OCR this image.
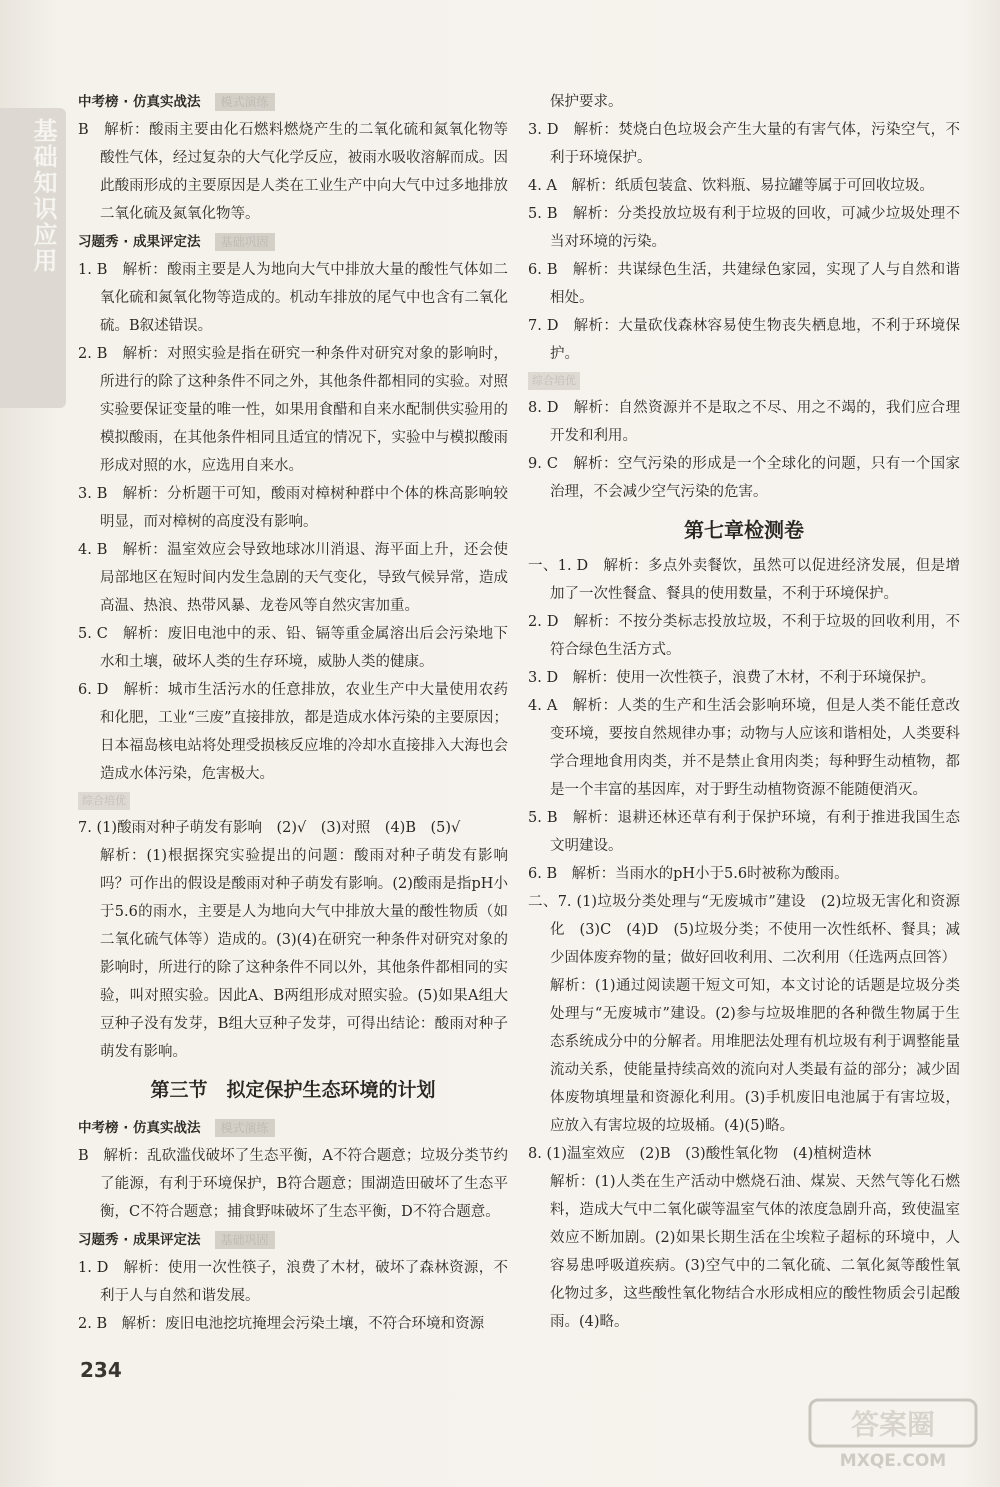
基础知识应用
中考榜 · 仿真实战法 模式演练

B　解析：酸雨主要由化石燃料燃烧产生的二氧化硫和氮氧化物等酸性气体，经过复杂的大气化学反应，被雨水吸收溶解而成。因此酸雨形成的主要原因是人类在工业生产中向大气中过多地排放二氧化硫及氮氧化物等。

习题秀 · 成果评定法 基础巩固

1. B　解析：酸雨主要是人为地向大气中排放大量的酸性气体如二氧化硫和氮氧化物等造成的。机动车排放的尾气中也含有二氧化硫。B叙述错误。

2. B　解析：对照实验是指在研究一种条件对研究对象的影响时，所进行的除了这种条件不同之外，其他条件都相同的实验。对照实验要保证变量的唯一性，如果用食醋和自来水配制供实验用的模拟酸雨，在其他条件相同且适宜的情况下，实验中与模拟酸雨形成对照的水，应选用自来水。

3. B　解析：分析题干可知，酸雨对樟树种群中个体的株高影响较明显，而对樟树的高度没有影响。

4. B　解析：温室效应会导致地球冰川消退、海平面上升，还会使局部地区在短时间内发生急剧的天气变化，导致气候异常，造成高温、热浪、热带风暴、龙卷风等自然灾害加重。

5. C　解析：废旧电池中的汞、铅、镉等重金属溶出后会污染地下水和土壤，破坏人类的生存环境，威胁人类的健康。

6. D　解析：城市生活污水的任意排放，农业生产中大量使用农药和化肥，工业“三废”直接排放，都是造成水体污染的主要原因；日本福岛核电站将处理受损核反应堆的冷却水直接排入大海也会造成水体污染，危害极大。

综合培优

7. (1)酸雨对种子萌发有影响　(2)√　(3)对照　(4)B　(5)√

解析：(1)根据探究实验提出的问题：酸雨对种子萌发有影响吗？可作出的假设是酸雨对种子萌发有影响。(2)酸雨是指pH小于5.6的雨水，主要是人为地向大气中排放大量的酸性物质（如二氧化硫气体等）造成的。(3)(4)在研究一种条件对研究对象的影响时，所进行的除了这种条件不同以外，其他条件都相同的实验，叫对照实验。因此A、B两组形成对照实验。(5)如果A组大豆种子没有发芽，B组大豆种子发芽，可得出结论：酸雨对种子萌发有影响。

第三节　拟定保护生态环境的计划
中考榜 · 仿真实战法 模式演练

B　解析：乱砍滥伐破坏了生态平衡，A不符合题意；垃圾分类节约了能源，有利于环境保护，B符合题意；围湖造田破坏了生态平衡，C不符合题意；捕食野味破坏了生态平衡，D不符合题意。

习题秀 · 成果评定法 基础巩固

1. D　解析：使用一次性筷子，浪费了木材，破坏了森林资源，不利于人与自然和谐发展。

2. B　解析：废旧电池挖坑掩埋会污染土壤，不符合环境和资源

保护要求。

3. D　解析：焚烧白色垃圾会产生大量的有害气体，污染空气，不利于环境保护。

4. A　解析：纸质包装盒、饮料瓶、易拉罐等属于可回收垃圾。

5. B　解析：分类投放垃圾有利于垃圾的回收，可减少垃圾处理不当对环境的污染。

6. B　解析：共谋绿色生活，共建绿色家园，实现了人与自然和谐相处。

7. D　解析：大量砍伐森林容易使生物丧失栖息地，不利于环境保护。

综合培优

8. D　解析：自然资源并不是取之不尽、用之不竭的，我们应合理开发和利用。

9. C　解析：空气污染的形成是一个全球化的问题，只有一个国家治理，不会减少空气污染的危害。

第七章检测卷

一、1. D　解析：多点外卖餐饮，虽然可以促进经济发展，但是增加了一次性餐盒、餐具的使用数量，不利于环境保护。

2. D　解析：不按分类标志投放垃圾，不利于垃圾的回收利用，不符合绿色生活方式。

3. D　解析：使用一次性筷子，浪费了木材，不利于环境保护。

4. A　解析：人类的生产和生活会影响环境，但是人类不能任意改变环境，要按自然规律办事；动物与人应该和谐相处，人类要科学合理地食用肉类，并不是禁止食用肉类；每种野生动植物，都是一个丰富的基因库，对于野生动植物资源不能随便消灭。

5. B　解析：退耕还林还草有利于保护环境，有利于推进我国生态文明建设。

6. B　解析：当雨水的pH小于5.6时被称为酸雨。

二、7. (1)垃圾分类处理与“无废城市”建设　(2)垃圾无害化和资源化　(3)C　(4)D　(5)垃圾分类；不使用一次性纸杯、餐具；减少固体废弃物的量；做好回收利用、二次利用（任选两点回答）

解析：(1)通过阅读题干短文可知，本文讨论的话题是垃圾分类处理与“无废城市”建设。(2)参与垃圾堆肥的各种微生物属于生态系统成分中的分解者。用堆肥法处理有机垃圾有利于调整能量流动关系，使能量持续高效的流向对人类最有益的部分；减少固体废物填埋量和资源化利用。(3)手机废旧电池属于有害垃圾，应放入有害垃圾的垃圾桶。(4)(5)略。

8. (1)温室效应　(2)B　(3)酸性氧化物　(4)植树造林

解析：(1)人类在生产活动中燃烧石油、煤炭、天然气等化石燃料，造成大气中二氧化碳等温室气体的浓度急剧升高，致使温室效应不断加剧。(2)如果长期生活在尘埃粒子超标的环境中，人容易患呼吸道疾病。(3)空气中的二氧化硫、二氧化氮等酸性氧化物过多，这些酸性氧化物结合水形成相应的酸性物质会引起酸雨。(4)略。

234
答案圈
MXQE.COM
